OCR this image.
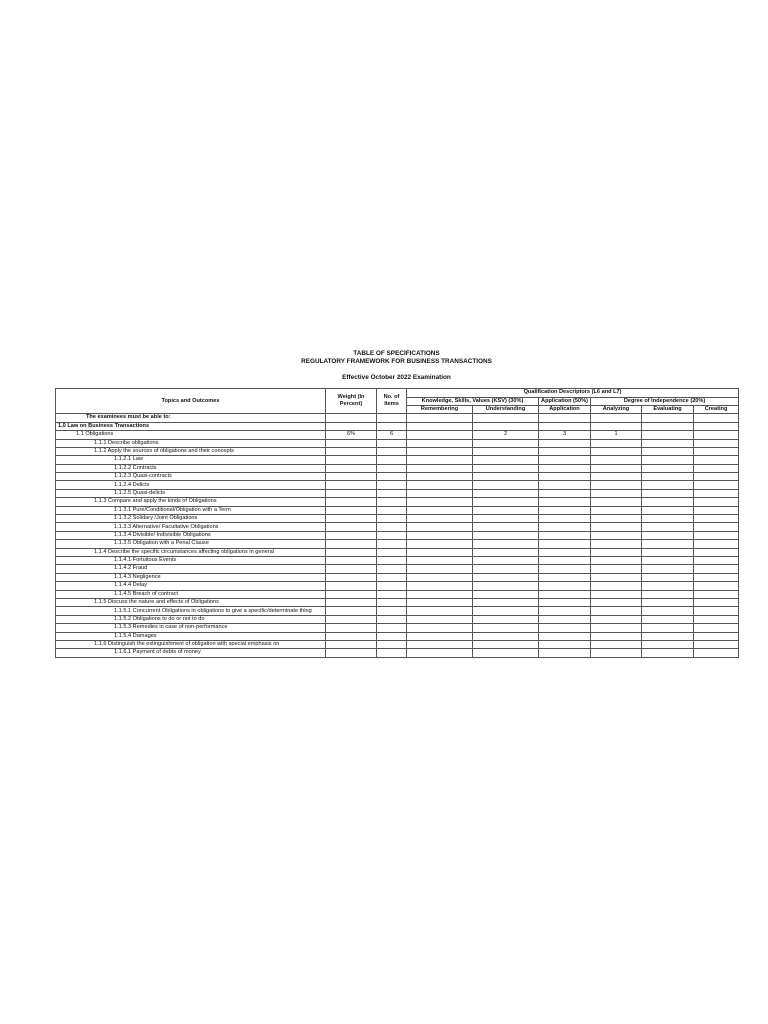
TABLE OF SPECIFICATIONS
REGULATORY FRAMEWORK FOR BUSINESS TRANSACTIONS
Effective October 2022 Examination
Topics and Outcomes	Weight (In Percent)	No. of Items	Qualification Descriptors (L6 and L7)					
			Knowledge, Skills, Values (KSV) (30%)		Application (50%)	Degree of Independence (20%)		
			Remembering	Understanding	Application	Analyzing	Evaluating	Creating
The examinees must be able to:								
1.0 Law on Business Transactions								
1.1 Obligations	6%	6		2	3	1		
1.1.1 Describe obligations								
1.1.2 Apply the sources of obligations and their concepts								
1.1.2.1 Law								
1.1.2.2 Contracts								
1.1.2.3 Quasi-contracts								
1.1.2.4 Delicts								
1.1.2.5 Quasi-delicts								
1.1.3 Compare and apply the kinds of Obligations								
1.1.3.1 Pure/Conditional/Obligation with a Term								
1.1.3.2 Solidary /Joint Obligations								
1.1.3.3 Alternative/ Facultative Obligations								
1.1.3.4 Divisible/ Indivisible Obligations								
1.1.3.5 Obligation with a Penal Clause								
1.1.4 Describe the specific circumstances affecting obligations in general								
1.1.4.1 Fortuitous Events								
1.1.4.2 Fraud								
1.1.4.3 Negligence								
1.1.4.4 Delay								
1.1.4.5 Breach of contract								
1.1.5 Discuss the nature and effects of Obligations								
1.1.5.1 Concurrent Obligations in obligations to give a specific/determinate thing								
1.1.5.2 Obligations to do or not to do								
1.1.5.3 Remedies in case of non-performance								
1.1.5.4 Damages								
1.1.6 Distinguish the extinguishment of obligation with special emphasis on								
1.1.6.1 Payment of debts of money								
